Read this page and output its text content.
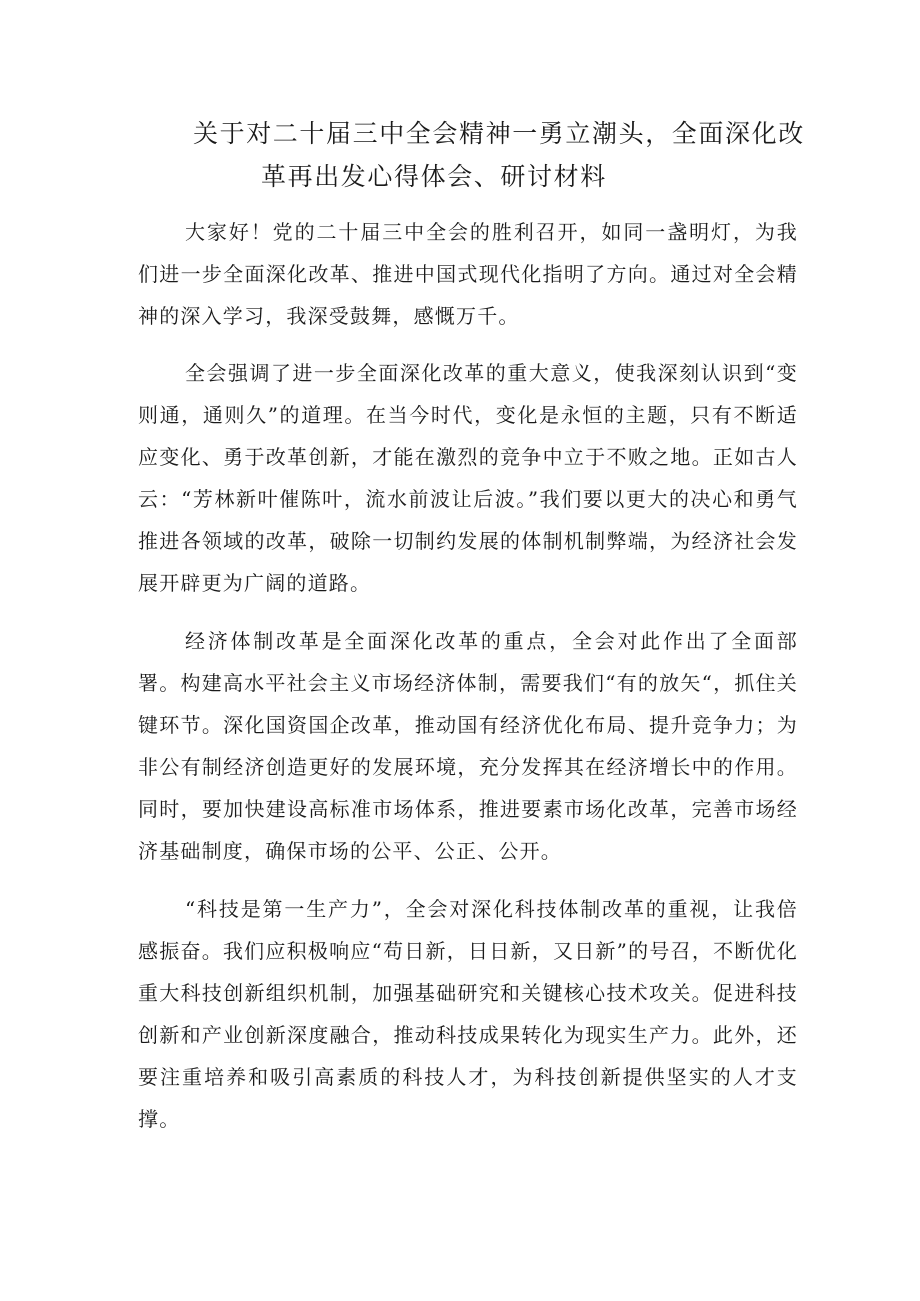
关于对二十届三中全会精神一勇立潮头，全面深化改
革再出发心得体会、研讨材料

大家好！党的二十届三中全会的胜利召开，如同一盏明灯，为我们进一步全面深化改革、推进中国式现代化指明了方向。通过对全会精神的深入学习，我深受鼓舞，感慨万千。

全会强调了进一步全面深化改革的重大意义，使我深刻认识到“变则通，通则久”的道理。在当今时代，变化是永恒的主题，只有不断适应变化、勇于改革创新，才能在激烈的竞争中立于不败之地。正如古人云：“芳林新叶催陈叶，流水前波让后波。”我们要以更大的决心和勇气推进各领域的改革，破除一切制约发展的体制机制弊端，为经济社会发展开辟更为广阔的道路。

经济体制改革是全面深化改革的重点，全会对此作出了全面部署。构建高水平社会主义市场经济体制，需要我们“有的放矢“，抓住关键环节。深化国资国企改革，推动国有经济优化布局、提升竞争力；为非公有制经济创造更好的发展环境，充分发挥其在经济增长中的作用。同时，要加快建设高标准市场体系，推进要素市场化改革，完善市场经济基础制度，确保市场的公平、公正、公开。

“科技是第一生产力”，全会对深化科技体制改革的重视，让我倍感振奋。我们应积极响应“苟日新，日日新，又日新”的号召，不断优化重大科技创新组织机制，加强基础研究和关键核心技术攻关。促进科技创新和产业创新深度融合，推动科技成果转化为现实生产力。此外，还要注重培养和吸引高素质的科技人才，为科技创新提供坚实的人才支撑。
